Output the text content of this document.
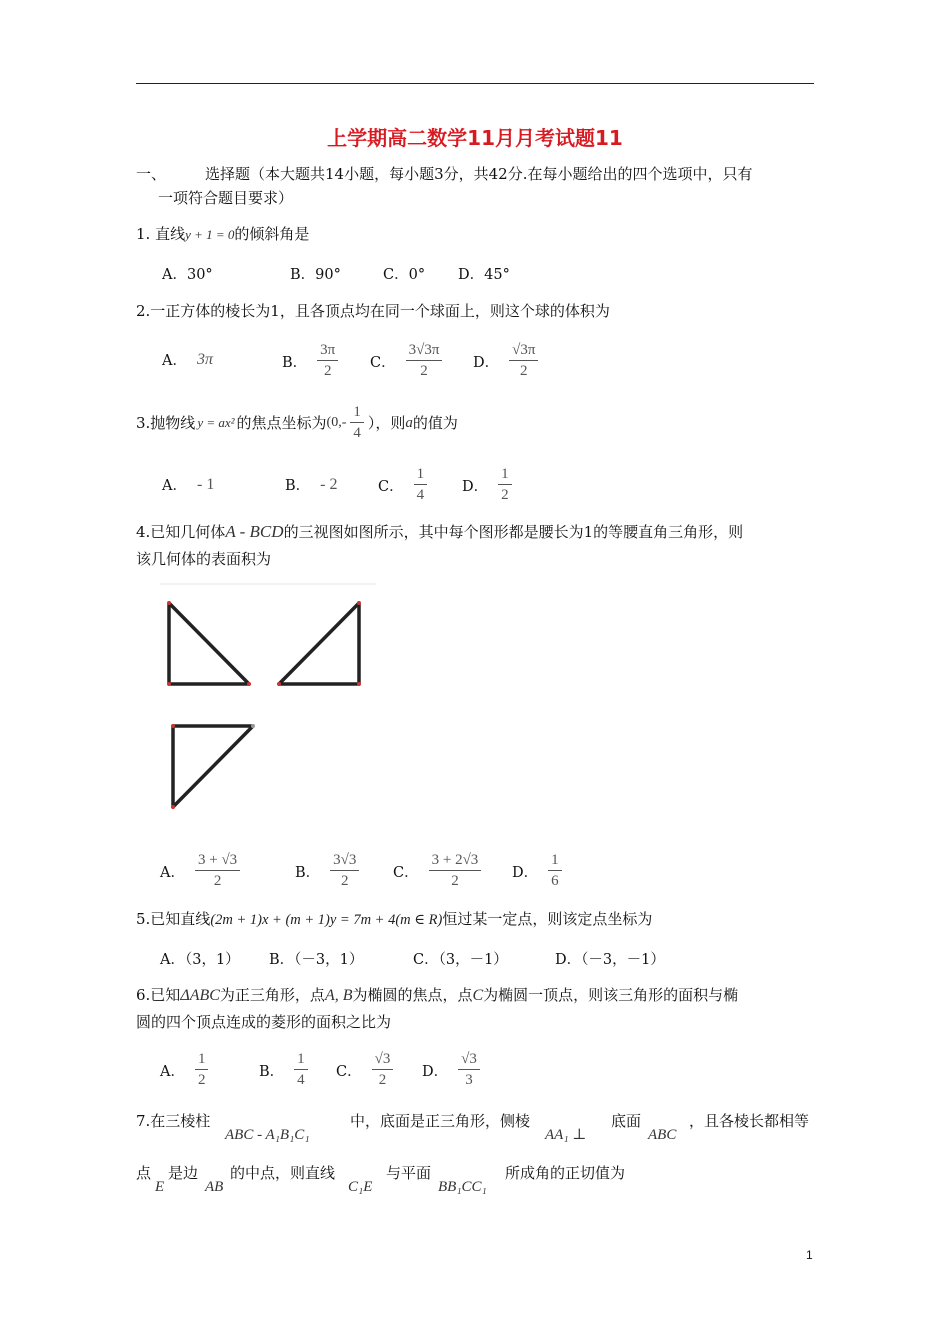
上学期高二数学11月月考试题11
一、	选择题（本大题共14小题，每小题3分，共42分.在每小题给出的四个选项中，只有
一项符合题目要求）
1. 直线y + 1 = 0的倾斜角是
A．30°	B．90°	C．0° D．45°
2.一正方体的棱长为1，且各顶点均在同一个球面上，则这个球的体积为
A． 3π	B． $\frac{3\pi}{2}$ C． $\frac{3√3\pi}{2}$ D． $\frac{√3\pi}{2}$
3.抛物线 y = ax² 的焦点坐标为 ($0,- \frac{1}{4}$ ），则 a 的值为
A． - 1	B． - 2	C． $\frac{1}{4}$ D． $\frac{1}{2}$
4.已知几何体A - BCD的三视图如图所示，其中每个图形都是腰长为1的等腰直角三角形，则
该几何体的表面积为
A． $\frac{3 + √3}{2}$	B． $\frac{3√3}{2}$ C． $\frac{3 + 2√3}{2}$ D． $\frac{1}{6}$
5.已知直线(2m + 1)x + (m + 1)y = 7m + 4(m ∈ R)恒过某一定点，则该定点坐标为
A．（3，1） B．（－3，1）	C．（3，－1）	D．（－3，－1）
6.已知ΔABC为正三角形，点A, B为椭圆的焦点，点C为椭圆一顶点，则该三角形的面积与椭
圆的四个顶点连成的菱形的面积之比为
A． $\frac{1}{2}$	B． $\frac{1}{4}$ C． $\frac{√3}{2}$ D． $\frac{√3}{3}$
7.在三棱柱
ABC - A₁B₁C₁
中，底面是正三角形，侧棱
AA₁ ⊥
底面
ABC
，且各棱长都相等
点
E
是边
AB
的中点，则直线
C₁E
与平面
BB₁CC₁
所成角的正切值为
1
